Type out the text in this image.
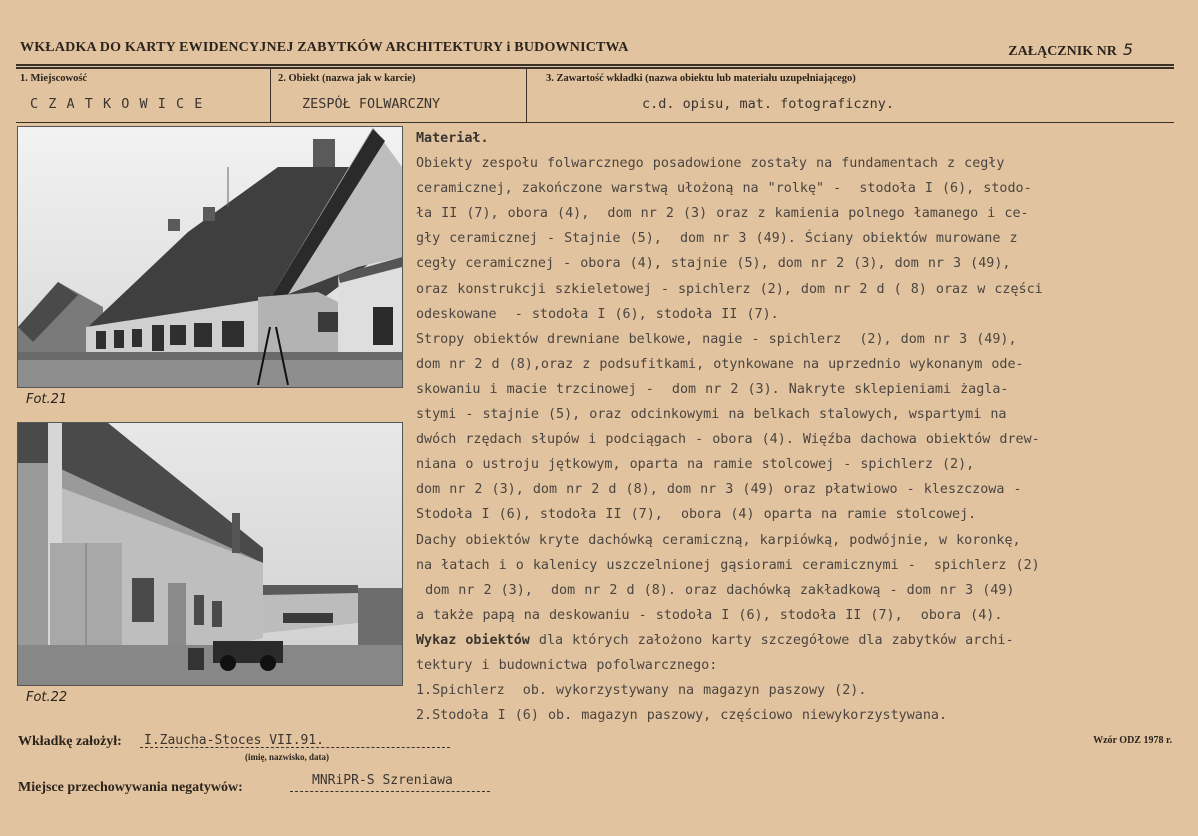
WKŁADKA DO KARTY EWIDENCYJNEJ ZABYTKÓW ARCHITEKTURY i BUDOWNICTWA	ZAŁĄCZNIK NR 5
1. Miejscowość
C Z A T K O W I C E
2. Obiekt (nazwa jak w karcie)
ZESPÓŁ FOLWARCZNY
3. Zawartość wkładki (nazwa obiektu lub materiału uzupełniającego)
c.d. opisu, mat. fotograficzny.
Fot.21
Fot.22

Materiał.

Obiekty zespołu folwarcznego posadowione zostały na fundamentach z cegły

ceramicznej, zakończone warstwą ułożoną na "rolkę" -  stodoła I (6), stodo-

ła II (7), obora (4),  dom nr 2 (3) oraz z kamienia polnego łamanego i ce-

gły ceramicznej - Stajnie (5),  dom nr 3 (49). Ściany obiektów murowane z

cegły ceramicznej - obora (4), stajnie (5), dom nr 2 (3), dom nr 3 (49),

oraz konstrukcji szkieletowej - spichlerz (2), dom nr 2 d ( 8) oraz w części

odeskowane  - stodoła I (6), stodoła II (7).

Stropy obiektów drewniane belkowe, nagie - spichlerz  (2), dom nr 3 (49),

dom nr 2 d (8),oraz z podsufitkami, otynkowane na uprzednio wykonanym ode-

skowaniu i macie trzcinowej -  dom nr 2 (3). Nakryte sklepieniami żagla-

stymi - stajnie (5), oraz odcinkowymi na belkach stalowych, wspartymi na

dwóch rzędach słupów i podciągach - obora (4). Więźba dachowa obiektów drew-

niana o ustroju jętkowym, oparta na ramie stolcowej - spichlerz (2),

dom nr 2 (3), dom nr 2 d (8), dom nr 3 (49) oraz płatwiowo - kleszczowa -

Stodoła I (6), stodoła II (7),  obora (4) oparta na ramie stolcowej.

Dachy obiektów kryte dachówką ceramiczną, karpiówką, podwójnie, w koronkę,

na łatach i o kalenicy uszczelnionej gąsiorami ceramicznymi -  spichlerz (2)

dom nr 2 (3),  dom nr 2 d (8). oraz dachówką zakładkową - dom nr 3 (49)

a także papą na deskowaniu - stodoła I (6), stodoła II (7),  obora (4).

Wykaz obiektów dla których założono karty szczegółowe dla zabytków archi-

tektury i budownictwa pofolwarcznego:

1.Spichlerz  ob. wykorzystywany na magazyn paszowy (2).

2.Stodoła I (6) ob. magazyn paszowy, częściowo niewykorzystywana.

Wkładkę założył: I.Zaucha-Stoces VII.91.
(imię, nazwisko, data)
Wzór ODZ 1978 r.
Miejsce przechowywania negatywów:	MNRiPR-S Szreniawa
